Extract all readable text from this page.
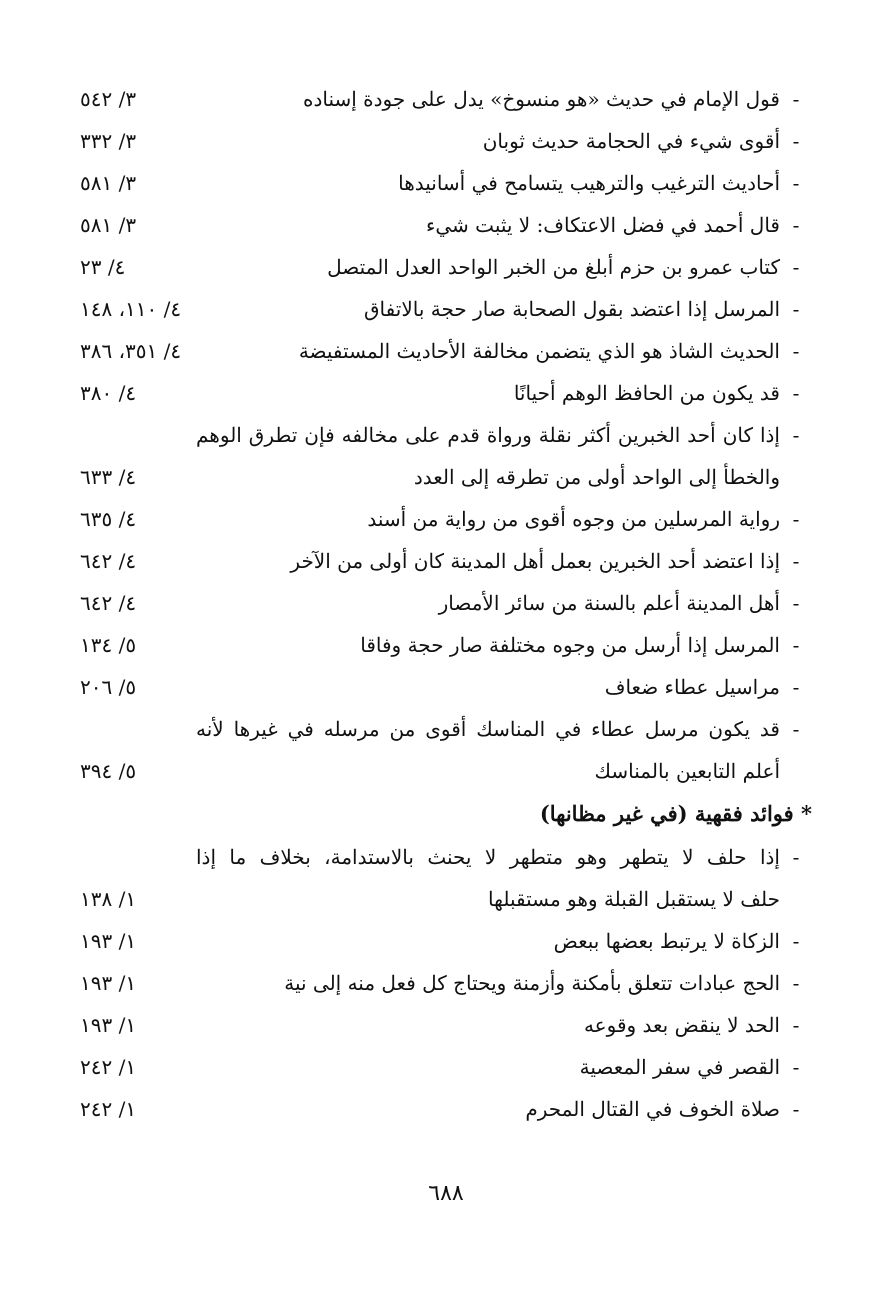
-
قول الإمام في حديث «هو منسوخ» يدل على جودة إسناده
٣/ ٥٤٢
-
أقوى شيء في الحجامة حديث ثوبان
٣/ ٣٣٢
-
أحاديث الترغيب والترهيب يتسامح في أسانيدها
٣/ ٥٨١
-
قال أحمد في فضل الاعتكاف: لا يثبت شيء
٣/ ٥٨١
-
كتاب عمرو بن حزم أبلغ من الخبر الواحد العدل المتصل
٤/ ٢٣
-
المرسل إذا اعتضد بقول الصحابة صار حجة بالاتفاق
٤/ ١١٠، ١٤٨
-
الحديث الشاذ هو الذي يتضمن مخالفة الأحاديث المستفيضة
٤/ ٣٥١، ٣٨٦
-
قد يكون من الحافظ الوهم أحيانًا
٤/ ٣٨٠
-
إذا كان أحد الخبرين أكثر نقلة ورواة قدم على مخالفه فإن تطرق الوهم
والخطأ إلى الواحد أولى من تطرقه إلى العدد
٤/ ٦٣٣
-
رواية المرسلين من وجوه أقوى من رواية من أسند
٤/ ٦٣٥
-
إذا اعتضد أحد الخبرين بعمل أهل المدينة كان أولى من الآخر
٤/ ٦٤٢
-
أهل المدينة أعلم بالسنة من سائر الأمصار
٤/ ٦٤٢
-
المرسل إذا أرسل من وجوه مختلفة صار حجة وفاقا
٥/ ١٣٤
-
مراسيل عطاء ضعاف
٥/ ٢٠٦
-
قد يكون مرسل عطاء في المناسك أقوى من مرسله في غيرها لأنه
أعلم التابعين بالمناسك
٥/ ٣٩٤
* فوائد فقهية (في غير مظانها)
-
إذا حلف لا يتطهر وهو متطهر لا يحنث بالاستدامة، بخلاف ما إذا
حلف لا يستقبل القبلة وهو مستقبلها
١/ ١٣٨
-
الزكاة لا يرتبط بعضها ببعض
١/ ١٩٣
-
الحج عبادات تتعلق بأمكنة وأزمنة ويحتاج كل فعل منه إلى نية
١/ ١٩٣
-
الحد لا ينقض بعد وقوعه
١/ ١٩٣
-
القصر في سفر المعصية
١/ ٢٤٢
-
صلاة الخوف في القتال المحرم
١/ ٢٤٢
٦٨٨
